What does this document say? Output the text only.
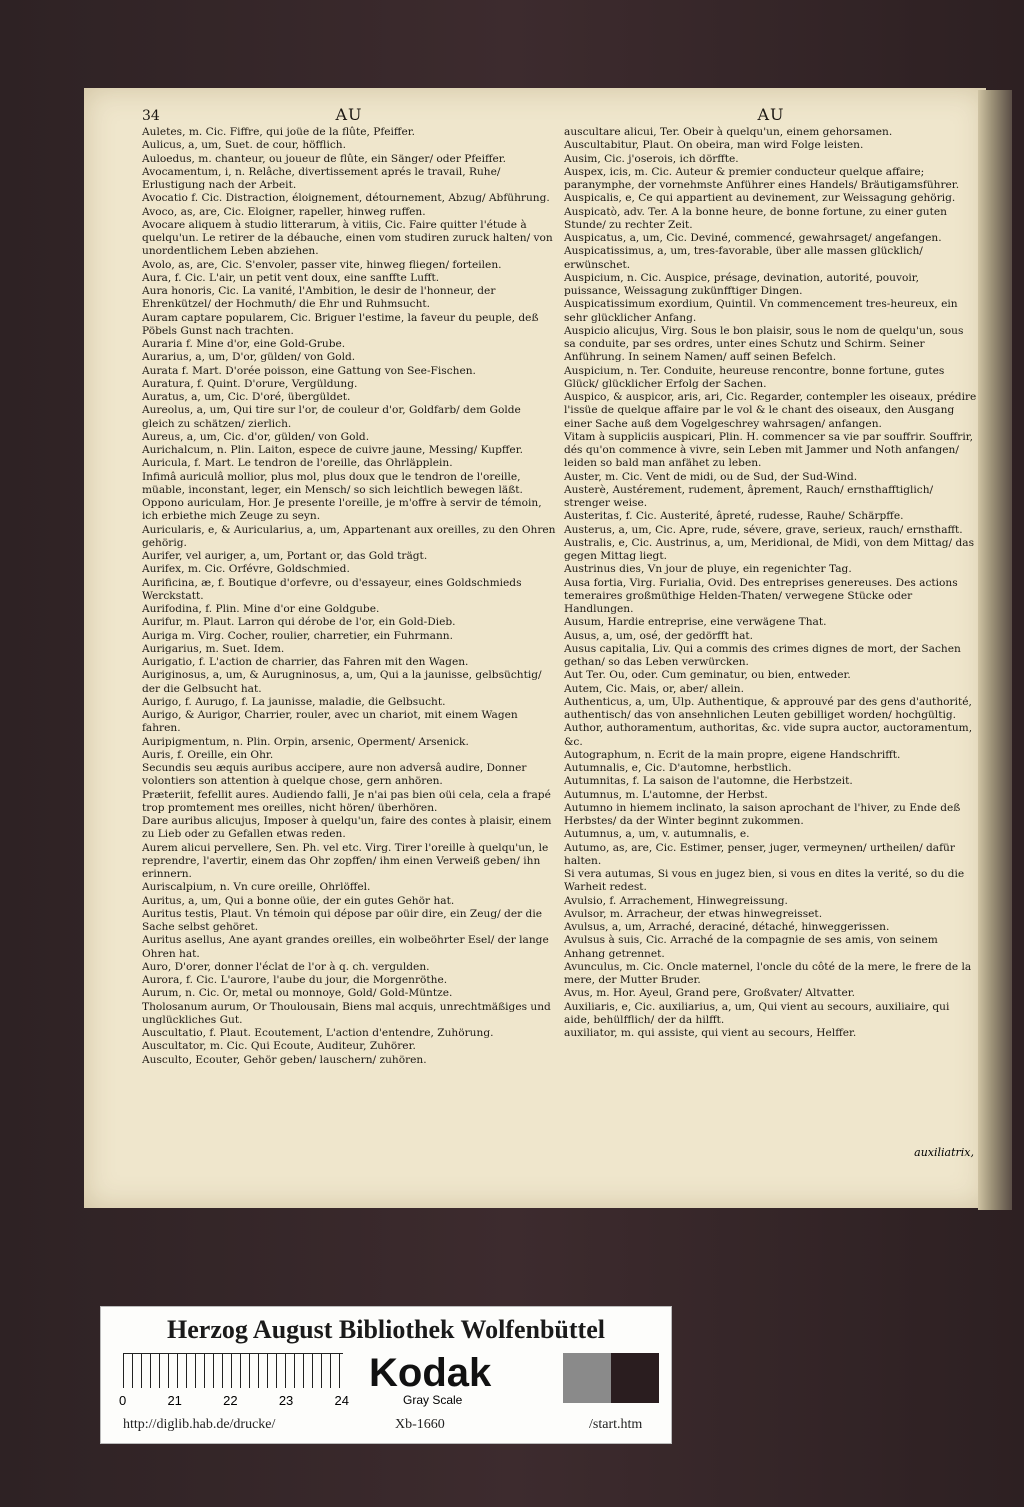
34	AU

Auletes, m. Cic. Fiffre, qui joüe de la flûte, Pfeiffer.

Aulicus, a, um, Suet. de cour, höfflich.

Auloedus, m. chanteur, ou joueur de flûte, ein Sänger/ oder Pfeiffer.

Avocamentum, i, n. Relâche, divertissement aprés le travail, Ruhe/ Erlustigung nach der Arbeit.

Avocatio f. Cic. Distraction, éloignement, détournement, Abzug/ Abführung.

Avoco, as, are, Cic. Eloigner, rapeller, hinweg ruffen.

Avocare aliquem à studio litterarum, à vitiis, Cic. Faire quitter l'étude à quelqu'un. Le retirer de la débauche, einen vom studiren zuruck halten/ von unordentlichem Leben abziehen.

Avolo, as, are, Cic. S'envoler, passer vite, hinweg fliegen/ forteilen.

Aura, f. Cic. L'air, un petit vent doux, eine sanffte Lufft.

Aura honoris, Cic. La vanité, l'Ambition, le desir de l'honneur, der Ehrenkützel/ der Hochmuth/ die Ehr und Ruhmsucht.

Auram captare popularem, Cic. Briguer l'estime, la faveur du peuple, deß Pöbels Gunst nach trachten.

Auraria f. Mine d'or, eine Gold-Grube.

Aurarius, a, um, D'or, gülden/ von Gold.

Aurata f. Mart. D'orée poisson, eine Gattung von See-Fischen.

Auratura, f. Quint. D'orure, Vergüldung.

Auratus, a, um, Cic. D'oré, übergüldet.

Aureolus, a, um, Qui tire sur l'or, de couleur d'or, Goldfarb/ dem Golde gleich zu schätzen/ zierlich.

Aureus, a, um, Cic. d'or, gülden/ von Gold.

Aurichalcum, n. Plin. Laiton, espece de cuivre jaune, Messing/ Kupffer.

Auricula, f. Mart. Le tendron de l'oreille, das Ohrläpplein.

Infimâ auriculâ mollior, plus mol, plus doux que le tendron de l'oreille, müable, inconstant, leger, ein Mensch/ so sich leichtlich bewegen läßt.

Oppono auriculam, Hor. Je presente l'oreille, je m'offre à servir de témoin, ich erbiethe mich Zeuge zu seyn.

Auricularis, e, & Auricularius, a, um, Appartenant aux oreilles, zu den Ohren gehörig.

Aurifer, vel auriger, a, um, Portant or, das Gold trägt.

Aurifex, m. Cic. Orfévre, Goldschmied.

Aurificina, æ, f. Boutique d'orfevre, ou d'essayeur, eines Goldschmieds Werckstatt.

Aurifodina, f. Plin. Mine d'or eine Goldgube.

Aurifur, m. Plaut. Larron qui dérobe de l'or, ein Gold-Dieb.

Auriga m. Virg. Cocher, roulier, charretier, ein Fuhrmann.

Aurigarius, m. Suet. Idem.

Aurigatio, f. L'action de charrier, das Fahren mit den Wagen.

Auriginosus, a, um, & Aurugninosus, a, um, Qui a la jaunisse, gelbsüchtig/ der die Gelbsucht hat.

Aurigo, f. Aurugo, f. La jaunisse, maladie, die Gelbsucht.

Aurigo, & Aurigor, Charrier, rouler, avec un chariot, mit einem Wagen fahren.

Auripigmentum, n. Plin. Orpin, arsenic, Operment/ Arsenick.

Auris, f. Oreille, ein Ohr.

Secundis seu æquis auribus accipere, aure non adversâ audire, Donner volontiers son attention à quelque chose, gern anhören.

Præteriit, fefellit aures. Audiendo falli, Je n'ai pas bien oüi cela, cela a frapé trop promtement mes oreilles, nicht hören/ überhören.

Dare auribus alicujus, Imposer à quelqu'un, faire des contes à plaisir, einem zu Lieb oder zu Gefallen etwas reden.

Aurem alicui pervellere, Sen. Ph. vel etc. Virg. Tirer l'oreille à quelqu'un, le reprendre, l'avertir, einem das Ohr zopffen/ ihm einen Verweiß geben/ ihn erinnern.

Auriscalpium, n. Vn cure oreille, Ohrlöffel.

Auritus, a, um, Qui a bonne oüie, der ein gutes Gehör hat.

Auritus testis, Plaut. Vn témoin qui dépose par oüir dire, ein Zeug/ der die Sache selbst gehöret.

Auritus asellus, Ane ayant grandes oreilles, ein wolbeöhrter Esel/ der lange Ohren hat.

Auro, D'orer, donner l'éclat de l'or à q. ch. vergulden.

Aurora, f. Cic. L'aurore, l'aube du jour, die Morgenröthe.

Aurum, n. Cic. Or, metal ou monnoye, Gold/ Gold-Müntze.

Tholosanum aurum, Or Thoulousain, Biens mal acquis, unrechtmäßiges und unglückliches Gut.

Auscultatio, f. Plaut. Ecoutement, L'action d'entendre, Zuhörung.

Auscultator, m. Cic. Qui Ecoute, Auditeur, Zuhörer.

Ausculto, Ecouter, Gehör geben/ lauschern/ zuhören.

AU

auscultare alicui, Ter. Obeir à quelqu'un, einem gehorsamen.

Auscultabitur, Plaut. On obeira, man wird Folge leisten.

Ausim, Cic. j'oserois, ich dörffte.

Auspex, icis, m. Cic. Auteur & premier conducteur quelque affaire; paranymphe, der vornehmste Anführer eines Handels/ Bräutigamsführer.

Auspicalis, e, Ce qui appartient au devinement, zur Weissagung gehörig.

Auspicatò, adv. Ter. A la bonne heure, de bonne fortune, zu einer guten Stunde/ zu rechter Zeit.

Auspicatus, a, um, Cic. Deviné, commencé, gewahrsaget/ angefangen.

Auspicatissimus, a, um, tres-favorable, über alle massen glücklich/ erwünschet.

Auspicium, n. Cic. Auspice, présage, devination, autorité, pouvoir, puissance, Weissagung zukünfftiger Dingen.

Auspicatissimum exordium, Quintil. Vn commencement tres-heureux, ein sehr glücklicher Anfang.

Auspicio alicujus, Virg. Sous le bon plaisir, sous le nom de quelqu'un, sous sa conduite, par ses ordres, unter eines Schutz und Schirm. Seiner Anführung. In seinem Namen/ auff seinen Befelch.

Auspicium, n. Ter. Conduite, heureuse rencontre, bonne fortune, gutes Glück/ glücklicher Erfolg der Sachen.

Auspico, & auspicor, aris, ari, Cic. Regarder, contempler les oiseaux, prédire l'issüe de quelque affaire par le vol & le chant des oiseaux, den Ausgang einer Sache auß dem Vogelgeschrey wahrsagen/ anfangen.

Vitam à suppliciis auspicari, Plin. H. commencer sa vie par souffrir. Souffrir, dés qu'on commence à vivre, sein Leben mit Jammer und Noth anfangen/ leiden so bald man anfähet zu leben.

Auster, m. Cic. Vent de midi, ou de Sud, der Sud-Wind.

Austerè, Austérement, rudement, âprement, Rauch/ ernsthafftiglich/ strenger weise.

Austeritas, f. Cic. Austerité, âpreté, rudesse, Rauhe/ Schärpffe.

Austerus, a, um, Cic. Apre, rude, sévere, grave, serieux, rauch/ ernsthafft.

Australis, e, Cic. Austrinus, a, um, Meridional, de Midi, von dem Mittag/ das gegen Mittag liegt.

Austrinus dies, Vn jour de pluye, ein regenichter Tag.

Ausa fortia, Virg. Furialia, Ovid. Des entreprises genereuses. Des actions temeraires großmüthige Helden-Thaten/ verwegene Stücke oder Handlungen.

Ausum, Hardie entreprise, eine verwägene That.

Ausus, a, um, osé, der gedörfft hat.

Ausus capitalia, Liv. Qui a commis des crimes dignes de mort, der Sachen gethan/ so das Leben verwürcken.

Aut Ter. Ou, oder. Cum geminatur, ou bien, entweder.

Autem, Cic. Mais, or, aber/ allein.

Authenticus, a, um, Ulp. Authentique, & approuvé par des gens d'authorité, authentisch/ das von ansehnlichen Leuten gebilliget worden/ hochgültig.

Author, authoramentum, authoritas, &c. vide supra auctor, auctoramentum, &c.

Autographum, n. Ecrit de la main propre, eigene Handschrifft.

Autumnalis, e, Cic. D'automne, herbstlich.

Autumnitas, f. La saison de l'automne, die Herbstzeit.

Autumnus, m. L'automne, der Herbst.

Autumno in hiemem inclinato, la saison aprochant de l'hiver, zu Ende deß Herbstes/ da der Winter beginnt zukommen.

Autumnus, a, um, v. autumnalis, e.

Autumo, as, are, Cic. Estimer, penser, juger, vermeynen/ urtheilen/ dafür halten.

Si vera autumas, Si vous en jugez bien, si vous en dites la verité, so du die Warheit redest.

Avulsio, f. Arrachement, Hinwegreissung.

Avulsor, m. Arracheur, der etwas hinwegreisset.

Avulsus, a, um, Arraché, deraciné, détaché, hinweggerissen.

Avulsus à suis, Cic. Arraché de la compagnie de ses amis, von seinem Anhang getrennet.

Avunculus, m. Cic. Oncle maternel, l'oncle du côté de la mere, le frere de la mere, der Mutter Bruder.

Avus, m. Hor. Ayeul, Grand pere, Großvater/ Altvatter.

Auxiliaris, e, Cic. auxiliarius, a, um, Qui vient au secours, auxiliaire, qui aide, behülfflich/ der da hilfft.

auxiliator, m. qui assiste, qui vient au secours, Helffer.

auxiliatrix,
Herzog August Bibliothek Wolfenbüttel
0	21	22	23	24
Kodak
Gray Scale
http://diglib.hab.de/drucke/	Xb-1660	/start.htm
